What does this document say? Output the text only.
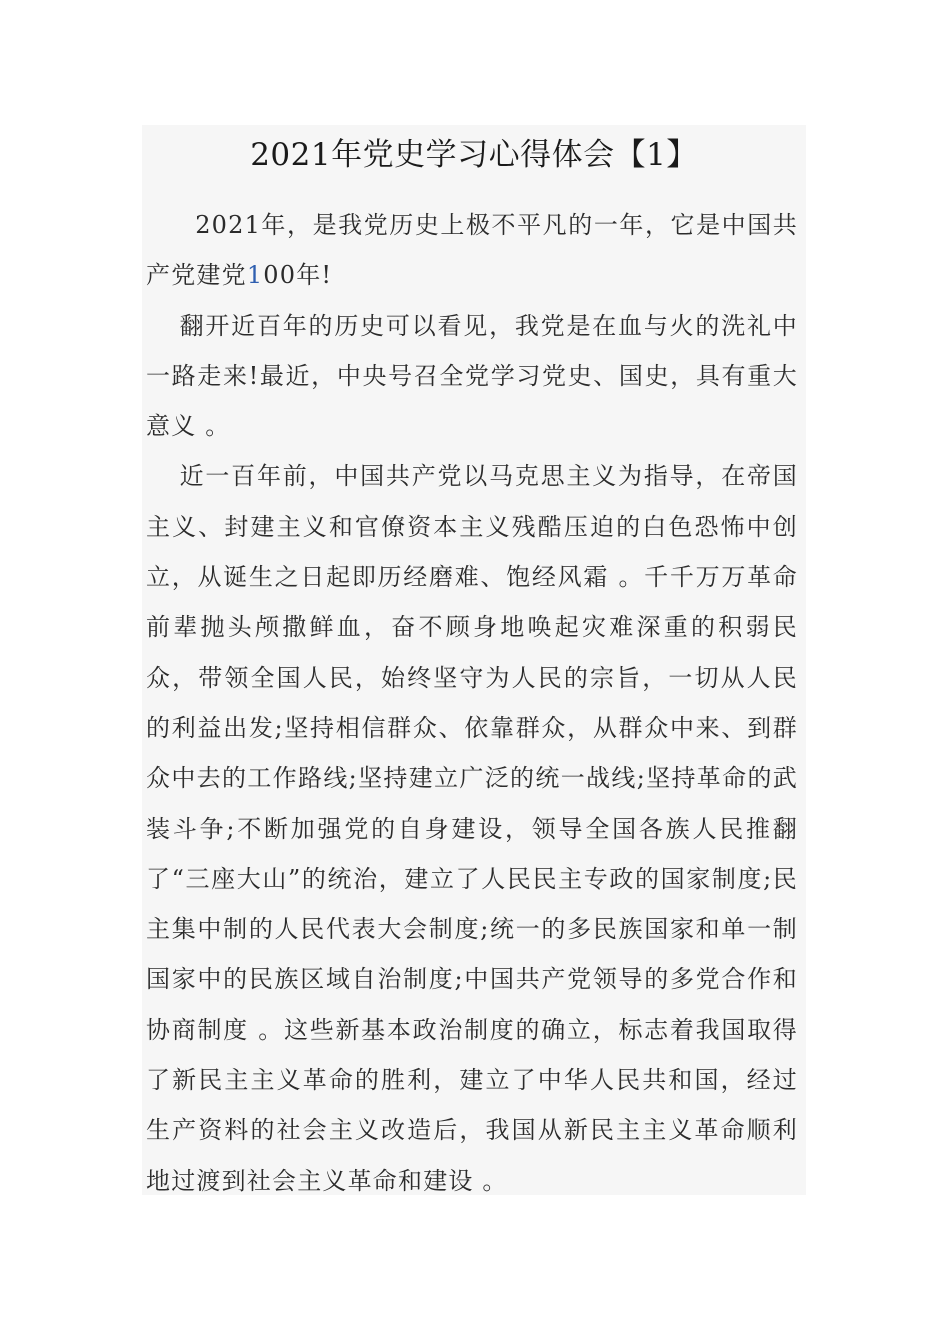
2021年党史学习心得体会【1】

2021年，是我党历史上极不平凡的一年，它是中国共产党建党100年!

翻开近百年的历史可以看见，我党是在血与火的洗礼中一路走来!最近，中央号召全党学习党史、国史，具有重大意义 。

近一百年前，中国共产党以马克思主义为指导，在帝国主义、封建主义和官僚资本主义残酷压迫的白色恐怖中创立，从诞生之日起即历经磨难、饱经风霜 。千千万万革命前辈抛头颅撒鲜血，奋不顾身地唤起灾难深重的积弱民众，带领全国人民，始终坚守为人民的宗旨，一切从人民的利益出发;坚持相信群众、依靠群众，从群众中来、到群众中去的工作路线;坚持建立广泛的统一战线;坚持革命的武装斗争;不断加强党的自身建设，领导全国各族人民推翻了“三座大山”的统治，建立了人民民主专政的国家制度;民主集中制的人民代表大会制度;统一的多民族国家和单一制国家中的民族区域自治制度;中国共产党领导的多党合作和协商制度 。这些新基本政治制度的确立，标志着我国取得了新民主主义革命的胜利，建立了中华人民共和国，经过生产资料的社会主义改造后，我国从新民主主义革命顺利地过渡到社会主义革命和建设 。
